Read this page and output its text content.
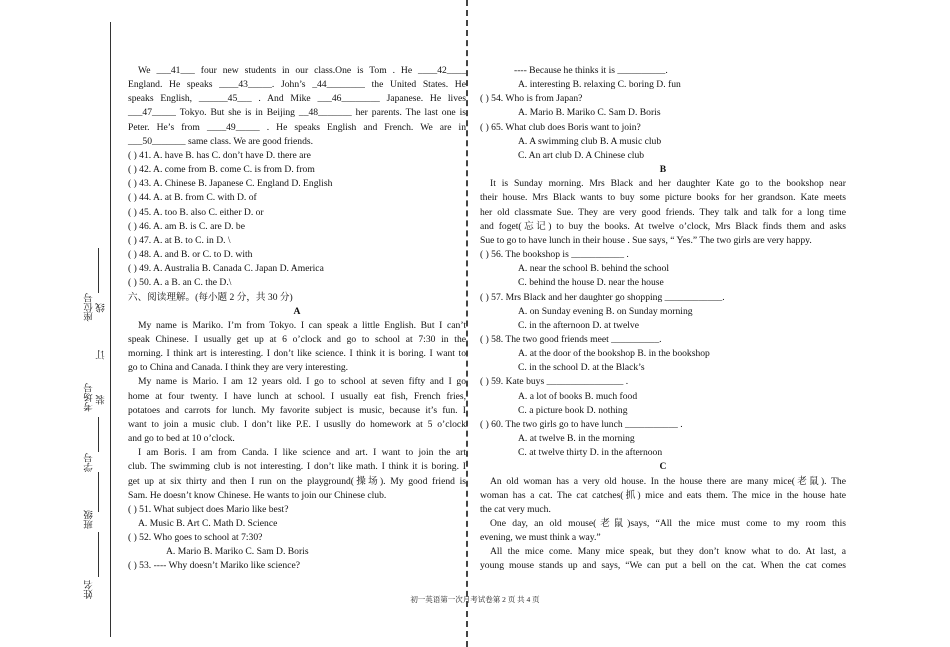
座位号 线
订
考场号 装
学号
班级
姓名
We ___41___ four new students in our class.One is Tom . He ____42____
England. He speaks ____43_____. John’s _44________ the United States. He
speaks English, ______45___ . And Mike ___46________ Japanese. He lives
___47_____ Tokyo. But she is in Beijing __48_______ her parents. The last one is
Peter. He’s from ____49_____ . He speaks English and French. We are in
___50_______ same class. We are good friends.
( ) 41. A. have B. has C. don’t have D. there are
( ) 42. A. come from B. come C. is from D. from
( ) 43. A. Chinese B. Japanese C. England D. English
( ) 44. A. at B. from C. with D. of
( ) 45. A. too B. also C. either D. or
( ) 46. A. am B. is C. are D. be
( ) 47. A. at B. to C. in D. \
( ) 48. A. and B. or C. to D. with
( ) 49. A. Australia B. Canada C. Japan D. America
( ) 50. A. a B. an C. the D.\
六、阅读理解。(每小题 2 分，共 30 分)
A
My name is Mariko. I’m from Tokyo. I can speak a little English. But I can’t
speak Chinese. I usually get up at 6 o’clock and go to school at 7:30 in the
morning. I think art is interesting. I don’t like science. I think it is boring. I want to
go to China and Canada. I think they are very interesting.
My name is Mario. I am 12 years old. I go to school at seven fifty and I go
home at four twenty. I have lunch at school. I usually eat fish, French fries,
potatoes and carrots for lunch. My favorite subject is music, because it’s fun. I
want to join a music club. I don’t like P.E. I ususlly do homework at 5 o’clock
and go to bed at 10 o’clock.
I am Boris. I am from Canda. I like science and art. I want to join the art
club. The swimming club is not interesting. I don’t like math. I think it is boring. I
get up at six thirty and then I run on the playground(操场). My good friend is
Sam. He doesn’t know Chinese. He wants to join our Chinese club.
( ) 51. What subject does Mario like best?
A. Music B. Art C. Math D. Science
( ) 52. Who goes to school at 7:30?
A. Mario B. Mariko C. Sam D. Boris
( ) 53. ---- Why doesn’t Mariko like science?
---- Because he thinks it is __________.
A. interesting B. relaxing C. boring D. fun
( ) 54. Who is from Japan?
A. Mario B. Mariko C. Sam D. Boris
( ) 65. What club does Boris want to join?
A. A swimming club B. A music club
C. An art club D. A Chinese club
B
It is Sunday morning. Mrs Black and her daughter Kate go to the bookshop near
their house. Mrs Black wants to buy some picture books for her grandson. Kate meets
her old classmate Sue. They are very good friends. They talk and talk for a long time
and foget(忘记) to buy the books. At twelve o’clock, Mrs Black finds them and asks
Sue to go to have lunch in their house . Sue says, “ Yes.” The two girls are very happy.
( ) 56. The bookshop is ___________ .
A. near the school B. behind the school
C. behind the house D. near the house
( ) 57. Mrs Black and her daughter go shopping ____________.
A. on Sunday evening B. on Sunday morning
C. in the afternoon D. at twelve
( ) 58. The two good friends meet __________.
A. at the door of the bookshop B. in the bookshop
C. in the school D. at the Black’s
( ) 59. Kate buys ________________ .
A. a lot of books B. much food
C. a picture book D. nothing
( ) 60. The two girls go to have lunch ___________ .
A. at twelve B. in the morning
C. at twelve thirty D. in the afternoon
C
An old woman has a very old house. In the house there are many mice(老鼠). The
woman has a cat. The cat catches(抓) mice and eats them. The mice in the house hate
the cat very much.
One day, an old mouse(老鼠)says, “All the mice must come to my room this
evening, we must think a way.”
All the mice come. Many mice speak, but they don’t know what to do. At last, a
young mouse stands up and says, “We can put a bell on the cat. When the cat comes
初一英语第一次月考试卷第 2 页 共 4 页
